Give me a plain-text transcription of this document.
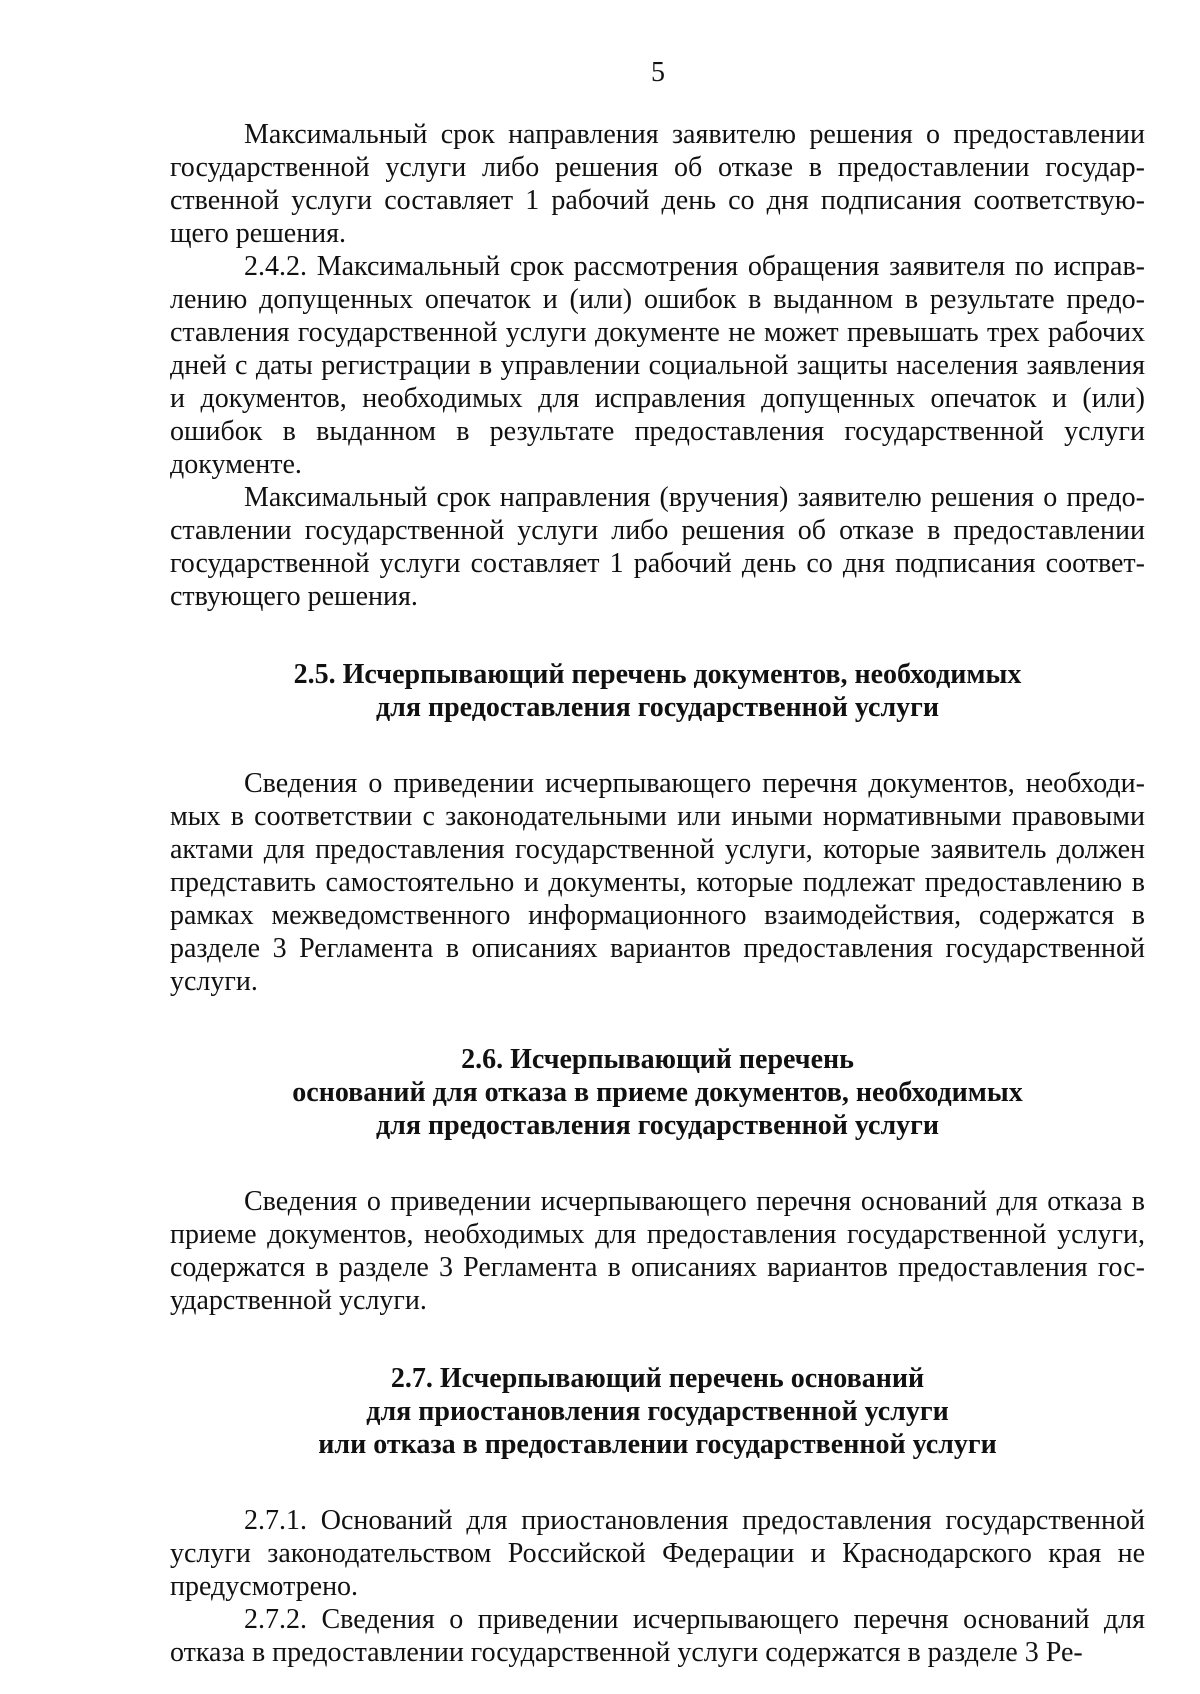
5

Максимальный срок направления заявителю решения о предоставлении государственной услуги либо решения об отказе в предоставлении государственной услуги составляет 1 рабочий день со дня подписания соответствующего решения.

2.4.2. Максимальный срок рассмотрения обращения заявителя по исправлению допущенных опечаток и (или) ошибок в выданном в результате предоставления государственной услуги документе не может превышать трех рабочих дней с даты регистрации в управлении социальной защиты населения заявления и документов, необходимых для исправления допущенных опечаток и (или) ошибок в выданном в результате предоставления государственной услуги документе.

Максимальный срок направления (вручения) заявителю решения о предоставлении государственной услуги либо решения об отказе в предоставлении государственной услуги составляет 1 рабочий день со дня подписания соответствующего решения.

2.5. Исчерпывающий перечень документов, необходимых
для предоставления государственной услуги

Сведения о приведении исчерпывающего перечня документов, необходимых в соответствии с законодательными или иными нормативными правовыми актами для предоставления государственной услуги, которые заявитель должен представить самостоятельно и документы, которые подлежат предоставлению в рамках межведомственного информационного взаимодействия, содержатся в разделе 3 Регламента в описаниях вариантов предоставления государственной услуги.

2.6. Исчерпывающий перечень
оснований для отказа в приеме документов, необходимых
для предоставления государственной услуги

Сведения о приведении исчерпывающего перечня оснований для отказа в приеме документов, необходимых для предоставления государственной услуги, содержатся в разделе 3 Регламента в описаниях вариантов предоставления государственной услуги.

2.7. Исчерпывающий перечень оснований
для приостановления государственной услуги
или отказа в предоставлении государственной услуги

2.7.1. Оснований для приостановления предоставления государственной услуги законодательством Российской Федерации и Краснодарского края не предусмотрено.

2.7.2. Сведения о приведении исчерпывающего перечня оснований для отказа в предоставлении государственной услуги содержатся в разделе 3 Ре-
